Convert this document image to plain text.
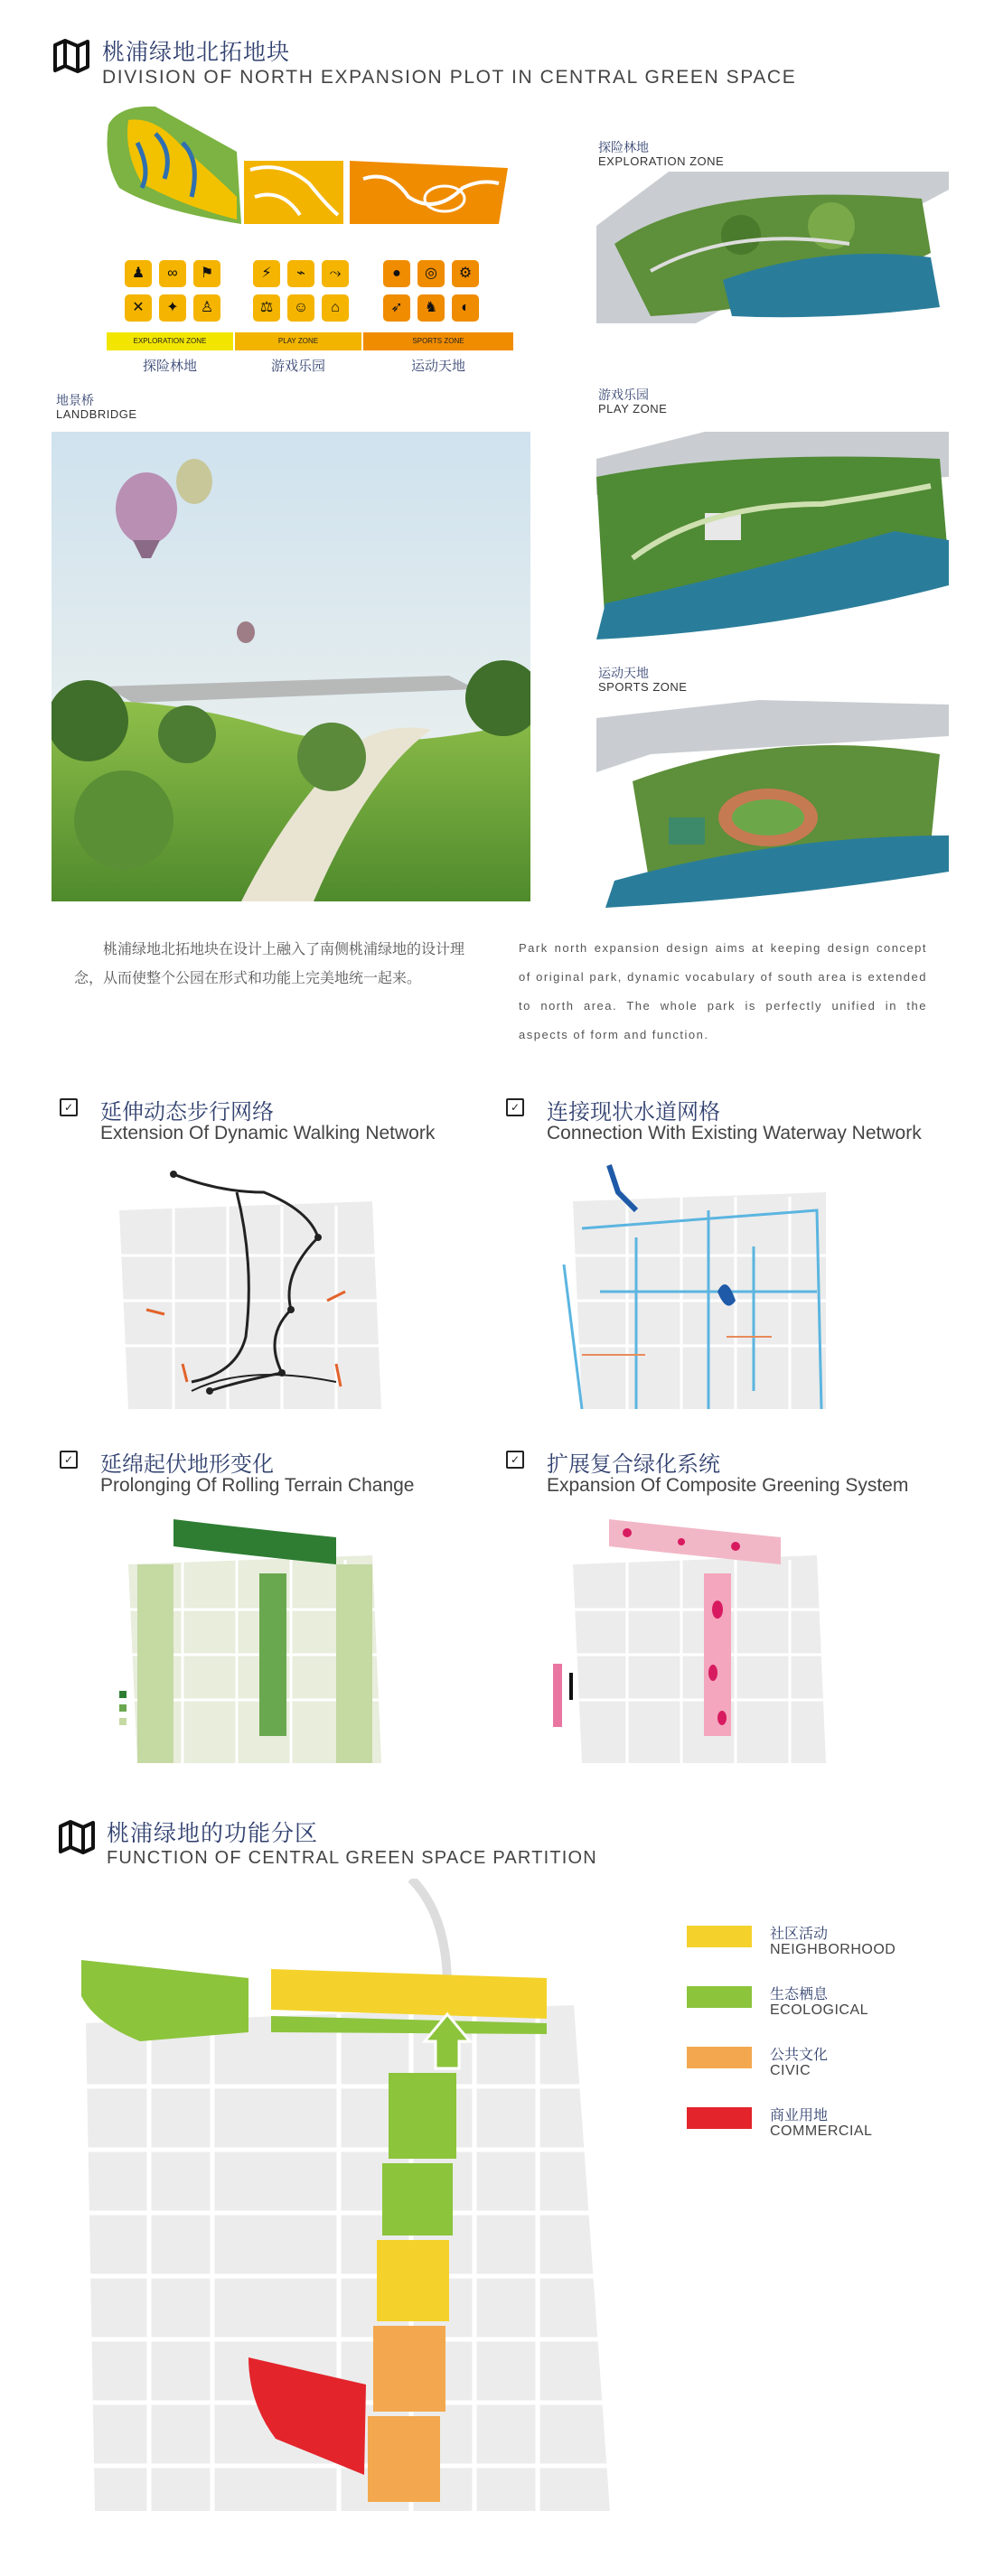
桃浦绿地北拓地块
DIVISION OF NORTH EXPANSION PLOT IN CENTRAL GREEN SPACE
♟	∞	⚑
✕	✦	♙
⚡	⌁	⤳
⚖	☺	⌂
●	◎	⚙
➶	♞	◐
EXPLORATION ZONE	PLAY ZONE	SPORTS ZONE
探险林地	游戏乐园	运动天地
地景桥
LANDBRIDGE
探险林地
EXPLORATION ZONE
游戏乐园
PLAY ZONE
运动天地
SPORTS ZONE
桃浦绿地北拓地块在设计上融入了南侧桃浦绿地的设计理念，从而使整个公园在形式和功能上完美地统一起来。
Park north expansion design aims at keeping design concept of original park, dynamic vocabulary of south area is extended to north area. The whole park is perfectly unified in the aspects of form and function.
✓ 延伸动态步行网络
Extension Of Dynamic Walking Network
✓ 连接现状水道网格
Connection With Existing Waterway Network
✓ 延绵起伏地形变化
Prolonging Of Rolling Terrain Change
✓ 扩展复合绿化系统
Expansion Of Composite Greening System
桃浦绿地的功能分区
FUNCTION OF CENTRAL GREEN SPACE PARTITION
社区活动
NEIGHBORHOOD
生态栖息
ECOLOGICAL
公共文化
CIVIC
商业用地
COMMERCIAL
